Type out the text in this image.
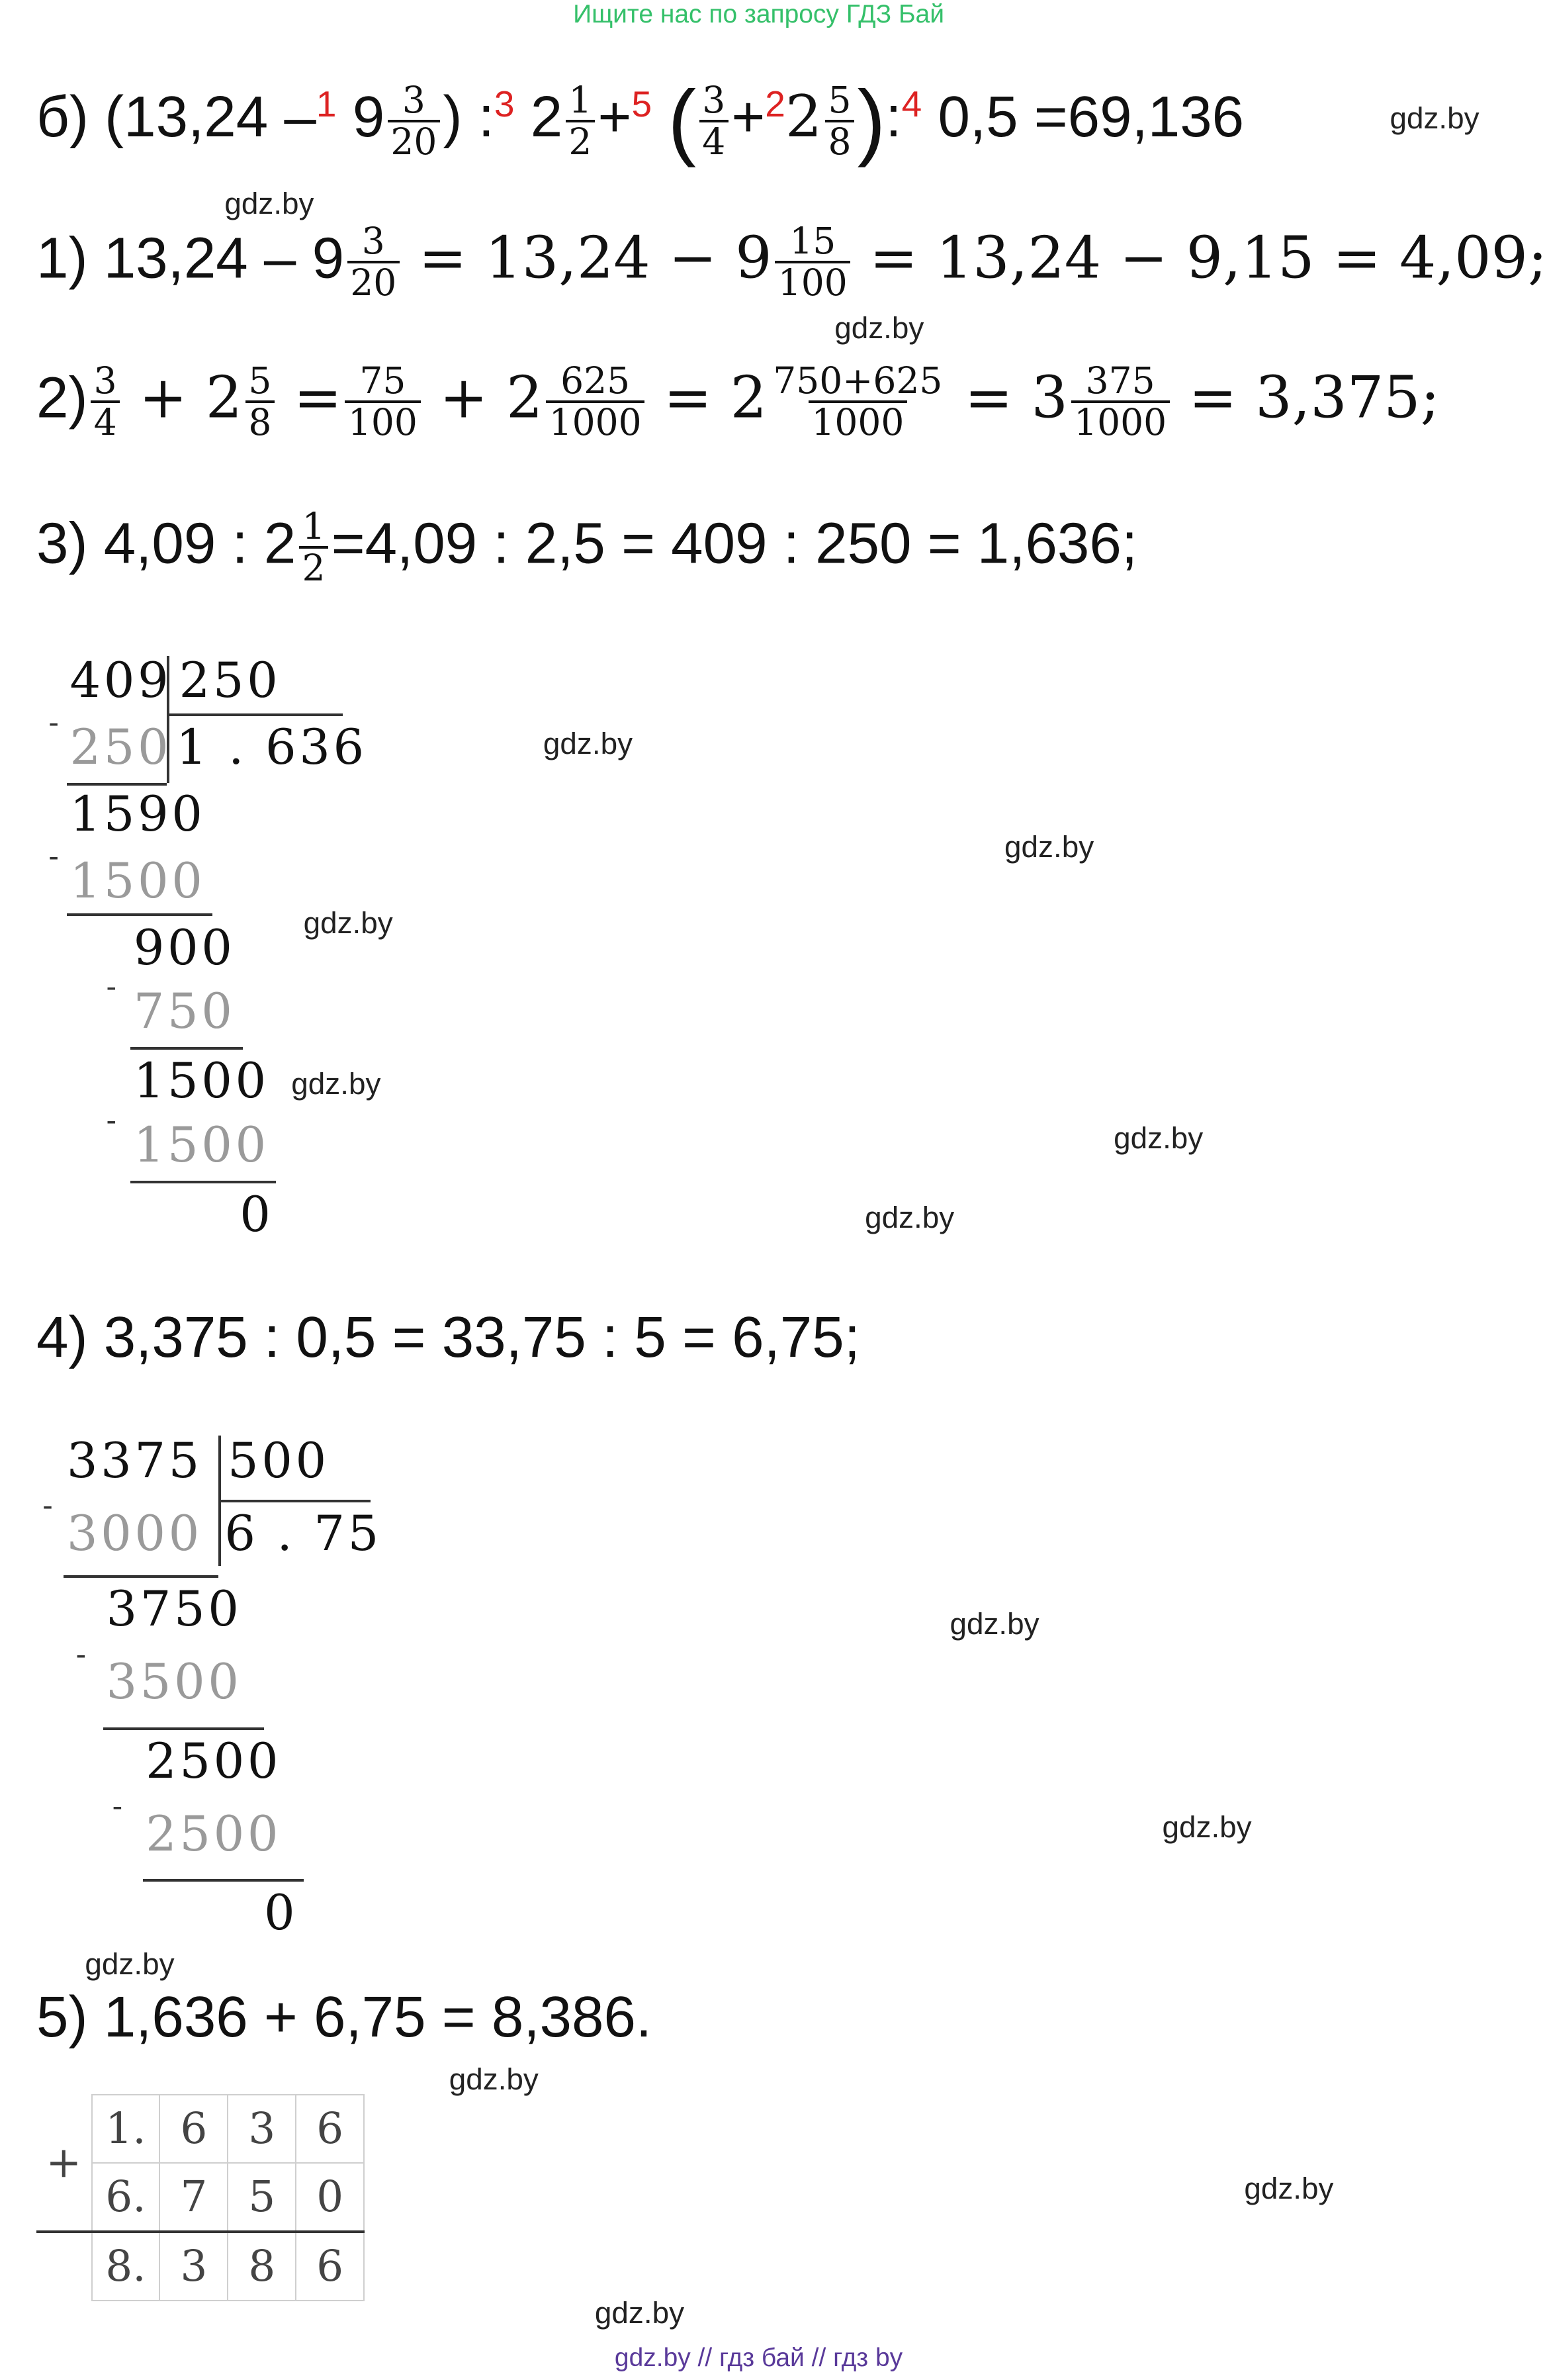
Ищите нас по запросу ГДЗ Бай
б) (13,24 –$^1$ $9 \frac{3}{20}$ ) :$^3$ $2 \frac{1}{2} +^5$ ( $\frac{3}{4} +^22 \frac{5}{8}$ ):$^4$ 0,5 =69,136	gdz.by
gdz.by
1) $13,24 - 9 \frac{3}{20} = 13,24 - 9 \frac{15}{100} = 13,24 - 9,15 = 4,09$;
gdz.by
$2) \frac{3}{4} + 2 \frac{5}{8} = \frac{75}{100} + 2 \frac{625}{1000} = 2 \frac{750+625}{1000} = 3 \frac{375}{1000} = 3,375$;
3) 4,09 : $2 \frac{1}{2} =4,09$ : 2,5 = 409 : 250 = 1,636;
409 250
- 250 1 . 636
1590
- 1500
900
- 750
1500
- 1500
0
gdz.by
gdz.by
gdz.by
gdz.by
gdz.by
gdz.by
4) 3,375 : 0,5 = 33,75 : 5 = 6,75;
3375 500
-
3000 6 . 75
3750
-
3500
2500
-
2500
0
gdz.by
gdz.by
gdz.by
5) 1,636 + 6,75 = 8,386.
gdz.by
+	1.	6	3	6
	6.	7	5	0
	8.	3	8	6
gdz.by
gdz.by
gdz.by // гдз бай // гдз by
